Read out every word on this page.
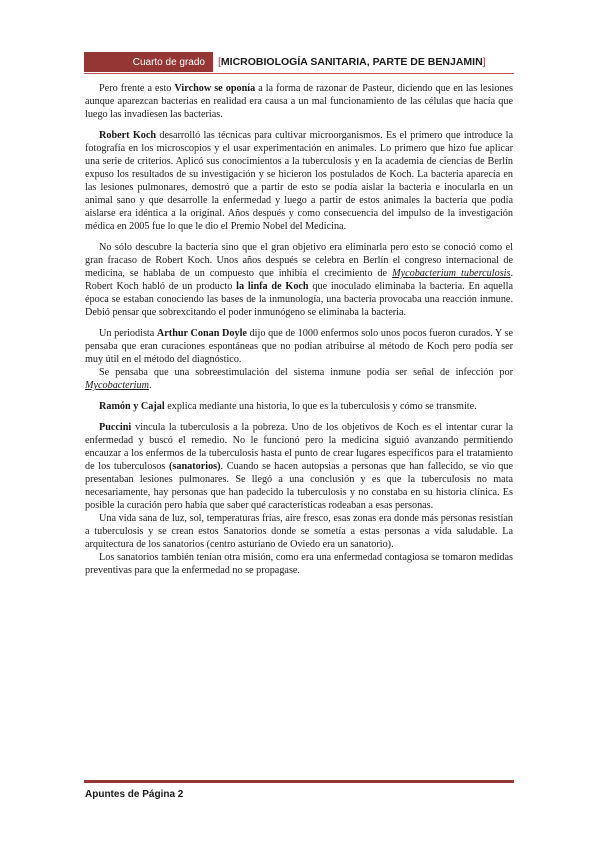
Cuarto de grado	[ MICROBIOLOGÍA SANITARIA, PARTE DE BENJAMIN ]

Pero frente a esto Virchow se oponía a la forma de razonar de Pasteur, diciendo que en las lesiones aunque aparezcan bacterias en realidad era causa a un mal funcionamiento de las células que hacía que luego las invadiesen las bacterias.

Robert Koch desarrolló las técnicas para cultivar microorganismos. Es el primero que introduce la fotografía en los microscopios y el usar experimentación en animales. Lo primero que hizo fue aplicar una serie de criterios. Aplicó sus conocimientos a la tuberculosis y en la academia de ciencias de Berlín expuso los resultados de su investigación y se hicieron los postulados de Koch. La bacteria aparecía en las lesiones pulmonares, demostró que a partir de esto se podía aislar la bacteria e inocularla en un animal sano y que desarrolle la enfermedad y luego a partir de estos animales la bacteria que podía aislarse era idéntica a la original. Años después y como consecuencia del impulso de la investigación médica en 2005 fue lo que le dio el Premio Nobel del Medicina.

No sólo descubre la bacteria sino que el gran objetivo era eliminarla pero esto se conoció como el gran fracaso de Robert Koch. Unos años después se celebra en Berlín el congreso internacional de medicina, se hablaba de un compuesto que inhibía el crecimiento de Mycobacterium tuberculosis. Robert Koch habló de un producto la linfa de Koch que inoculado eliminaba la bacteria. En aquella época se estaban conociendo las bases de la inmunología, una bacteria provocaba una reacción inmune. Debió pensar que sobrexcitando el poder inmunógeno se eliminaba la bacteria.

Un periodista Arthur Conan Doyle dijo que de 1000 enfermos solo unos pocos fueron curados. Y se pensaba que eran curaciones espontáneas que no podían atribuirse al método de Koch pero podía ser muy útil en el método del diagnóstico.

Se pensaba que una sobreestimulación del sistema inmune podía ser señal de infección por Mycobacterium.

Ramón y Cajal explica mediante una historia, lo que es la tuberculosis y cómo se transmite.

Puccini vincula la tuberculosis a la pobreza. Uno de los objetivos de Koch es el intentar curar la enfermedad y buscó el remedio. No le funcionó pero la medicina siguió avanzando permitiendo encauzar a los enfermos de la tuberculosis hasta el punto de crear lugares específicos para el tratamiento de los tuberculosos (sanatorios). Cuando se hacen autopsias a personas que han fallecido, se vio que presentaban lesiones pulmonares. Se llegó a una conclusión y es que la tuberculosis no mata necesariamente, hay personas que han padecido la tuberculosis y no constaba en su historia clínica. Es posible la curación pero había que saber qué características rodeaban a esas personas.

Una vida sana de luz, sol, temperaturas frías, aire fresco, esas zonas era donde más personas resistían a tuberculosis y se crean estos Sanatorios donde se sometía a estas personas a vida saludable. La arquitectura de los sanatorios (centro asturiano de Oviedo era un sanatorio).

Los sanatorios también tenían otra misión, como era una enfermedad contagiosa se tomaron medidas preventivas para que la enfermedad no se propagase.

Apuntes de Página 2
